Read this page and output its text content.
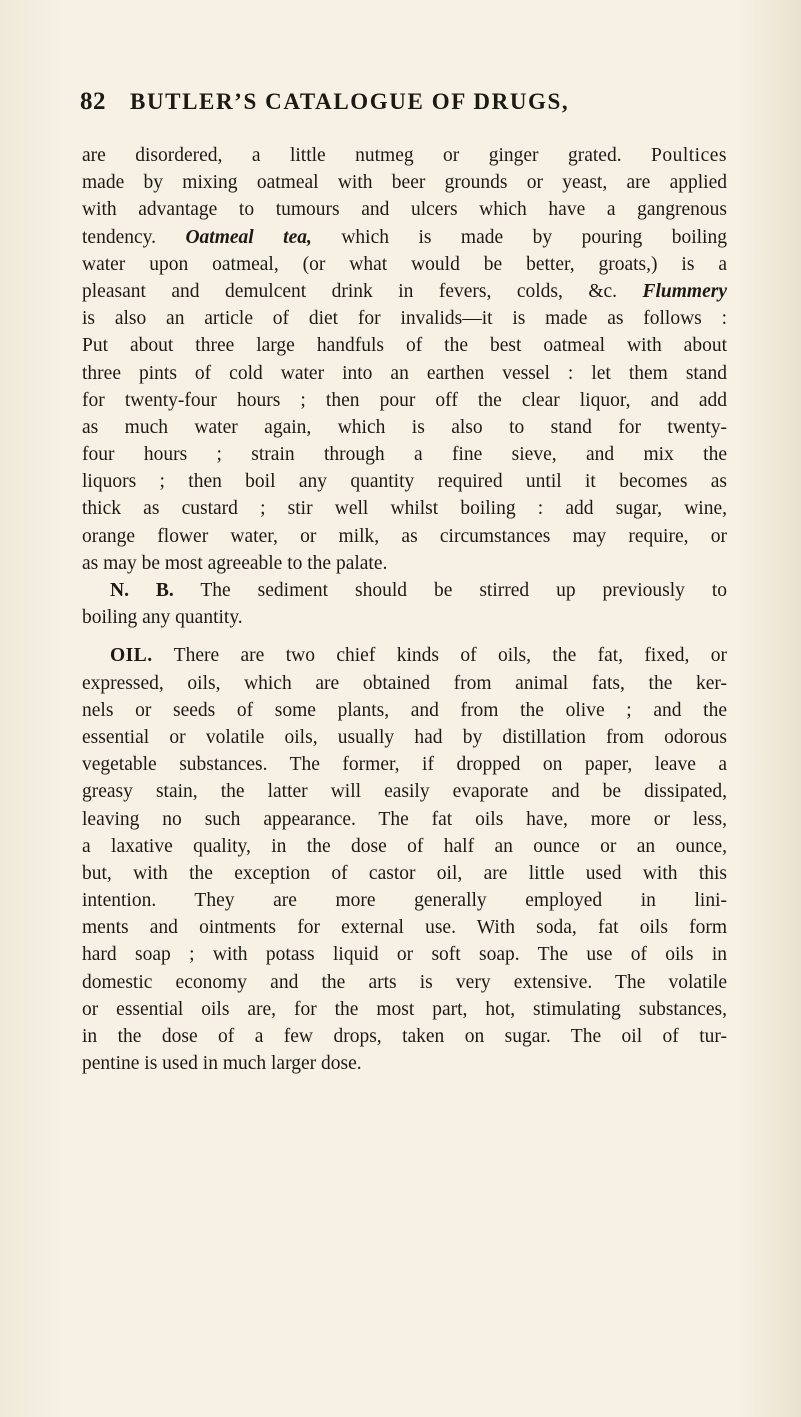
82 BUTLER’S CATALOGUE OF DRUGS,
are disordered, a little nutmeg or ginger grated. Poultices
made by mixing oatmeal with beer grounds or yeast, are applied
with advantage to tumours and ulcers which have a gangrenous
tendency. Oatmeal tea, which is made by pouring boiling
water upon oatmeal, (or what would be better, groats,) is a
pleasant and demulcent drink in fevers, colds, &c. Flummery
is also an article of diet for invalids—it is made as follows :
Put about three large handfuls of the best oatmeal with about
three pints of cold water into an earthen vessel : let them stand
for twenty-four hours ; then pour off the clear liquor, and add
as much water again, which is also to stand for twenty-
four hours ; strain through a fine sieve, and mix the
liquors ; then boil any quantity required until it becomes as
thick as custard ; stir well whilst boiling : add sugar, wine,
orange flower water, or milk, as circumstances may require, or
as may be most agreeable to the palate.
N. B. The sediment should be stirred up previously to
boiling any quantity.
OIL. There are two chief kinds of oils, the fat, fixed, or
expressed, oils, which are obtained from animal fats, the ker-
nels or seeds of some plants, and from the olive ; and the
essential or volatile oils, usually had by distillation from odorous
vegetable substances. The former, if dropped on paper, leave a
greasy stain, the latter will easily evaporate and be dissipated,
leaving no such appearance. The fat oils have, more or less,
a laxative quality, in the dose of half an ounce or an ounce,
but, with the exception of castor oil, are little used with this
intention. They are more generally employed in lini-
ments and ointments for external use. With soda, fat oils form
hard soap ; with potass liquid or soft soap. The use of oils in
domestic economy and the arts is very extensive. The volatile
or essential oils are, for the most part, hot, stimulating substances,
in the dose of a few drops, taken on sugar. The oil of tur-
pentine is used in much larger dose.
